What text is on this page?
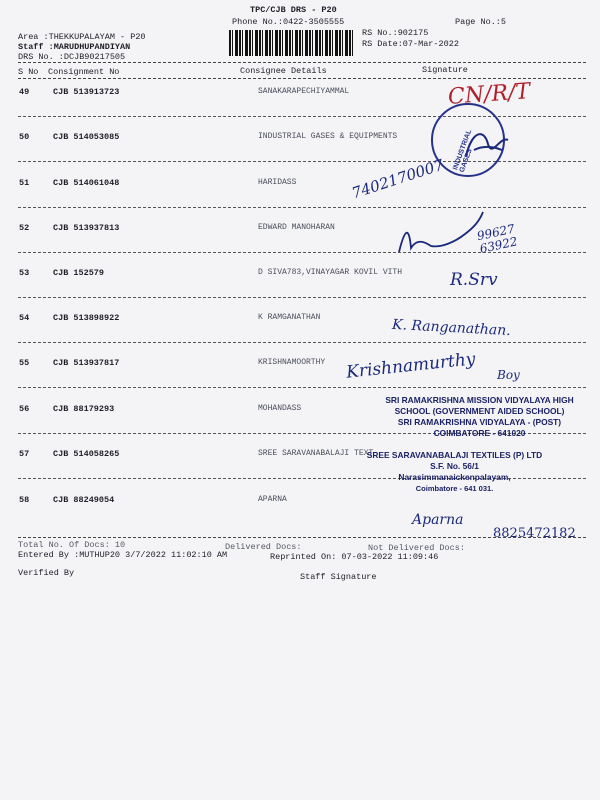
TPC/CJB DRS - P20
Phone No.:0422-3505555	Page No.:5
Area :THEKKUPALAYAM - P20	RS No.:902175
Staff :MARUDHUPANDIYAN	RS Date:07-Mar-2022
DRS No. :DCJB90217505
S No Consignment No	Consignee Details	Signature
49	CJB 513913723	SANAKARAPECHIYAMMAL
50	CJB 514053085	INDUSTRIAL GASES & EQUIPMENTS
51	CJB 514061048	HARIDASS
52	CJB 513937813	EDWARD MANOHARAN
53	CJB 152579	D SIVA783,VINAYAGAR KOVIL VITH
54	CJB 513898922	K RAMGANATHAN
55	CJB 513937817	KRISHNAMOORTHY
56	CJB 88179293	MOHANDASS
57	CJB 514058265	SREE SARAVANABALAJI TEXT
58	CJB 88249054	APARNA
CN/R/T
INDUSTRIAL GASES
7402170007
99627 63922
R.Srv
K. Ranganathan.
Krishnamurthy Boy
SRI RAMAKRISHNA MISSION VIDYALAYA HIGH
SCHOOL (GOVERNMENT AIDED SCHOOL)
SRI RAMAKRISHNA VIDYALAYA - (POST)
COIMBATORE - 641020
SREE SARAVANABALAJI TEXTILES (P) LTD
S.F. No. 56/1
Narasimmanaickenpalayam,
Coimbatore - 641 031.
Aparna
8825472182
Total No. Of Docs: 10	Delivered Docs:	Not Delivered Docs:
Entered By :MUTHUP20 3/7/2022 11:02:10 AM	Reprinted On: 07-03-2022 11:09:46
Verified By	Staff Signature
